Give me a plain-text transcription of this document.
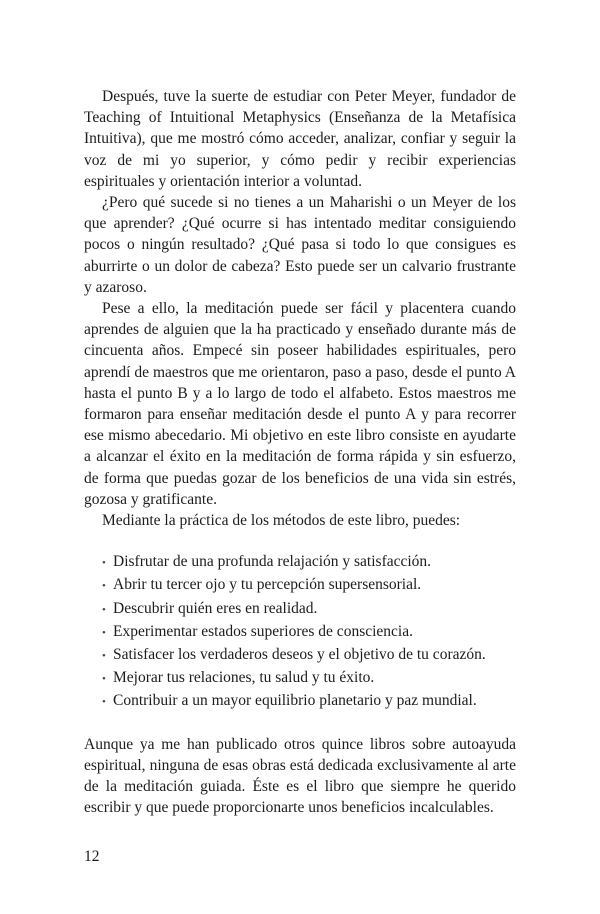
Después, tuve la suerte de estudiar con Peter Meyer, fundador de Teaching of Intuitional Metaphysics (Enseñanza de la Metafísica Intuitiva), que me mostró cómo acceder, analizar, confiar y seguir la voz de mi yo superior, y cómo pedir y recibir experiencias espirituales y orientación interior a voluntad.

¿Pero qué sucede si no tienes a un Maharishi o un Meyer de los que aprender? ¿Qué ocurre si has intentado meditar consiguiendo pocos o ningún resultado? ¿Qué pasa si todo lo que consigues es aburrirte o un dolor de cabeza? Esto puede ser un calvario frustrante y azaroso.

Pese a ello, la meditación puede ser fácil y placentera cuando aprendes de alguien que la ha practicado y enseñado durante más de cincuenta años. Empecé sin poseer habilidades espirituales, pero aprendí de maestros que me orientaron, paso a paso, desde el punto A hasta el punto B y a lo largo de todo el alfabeto. Estos maestros me formaron para enseñar meditación desde el punto A y para recorrer ese mismo abecedario. Mi objetivo en este libro consiste en ayudarte a alcanzar el éxito en la meditación de forma rápida y sin esfuerzo, de forma que puedas gozar de los beneficios de una vida sin estrés, gozosa y gratificante.

Mediante la práctica de los métodos de este libro, puedes:

• Disfrutar de una profunda relajación y satisfacción.
• Abrir tu tercer ojo y tu percepción supersensorial.
• Descubrir quién eres en realidad.
• Experimentar estados superiores de consciencia.
• Satisfacer los verdaderos deseos y el objetivo de tu corazón.
• Mejorar tus relaciones, tu salud y tu éxito.
• Contribuir a un mayor equilibrio planetario y paz mundial.

Aunque ya me han publicado otros quince libros sobre autoayuda espiritual, ninguna de esas obras está dedicada exclusivamente al arte de la meditación guiada. Éste es el libro que siempre he querido escribir y que puede proporcionarte unos beneficios incalculables.

12
